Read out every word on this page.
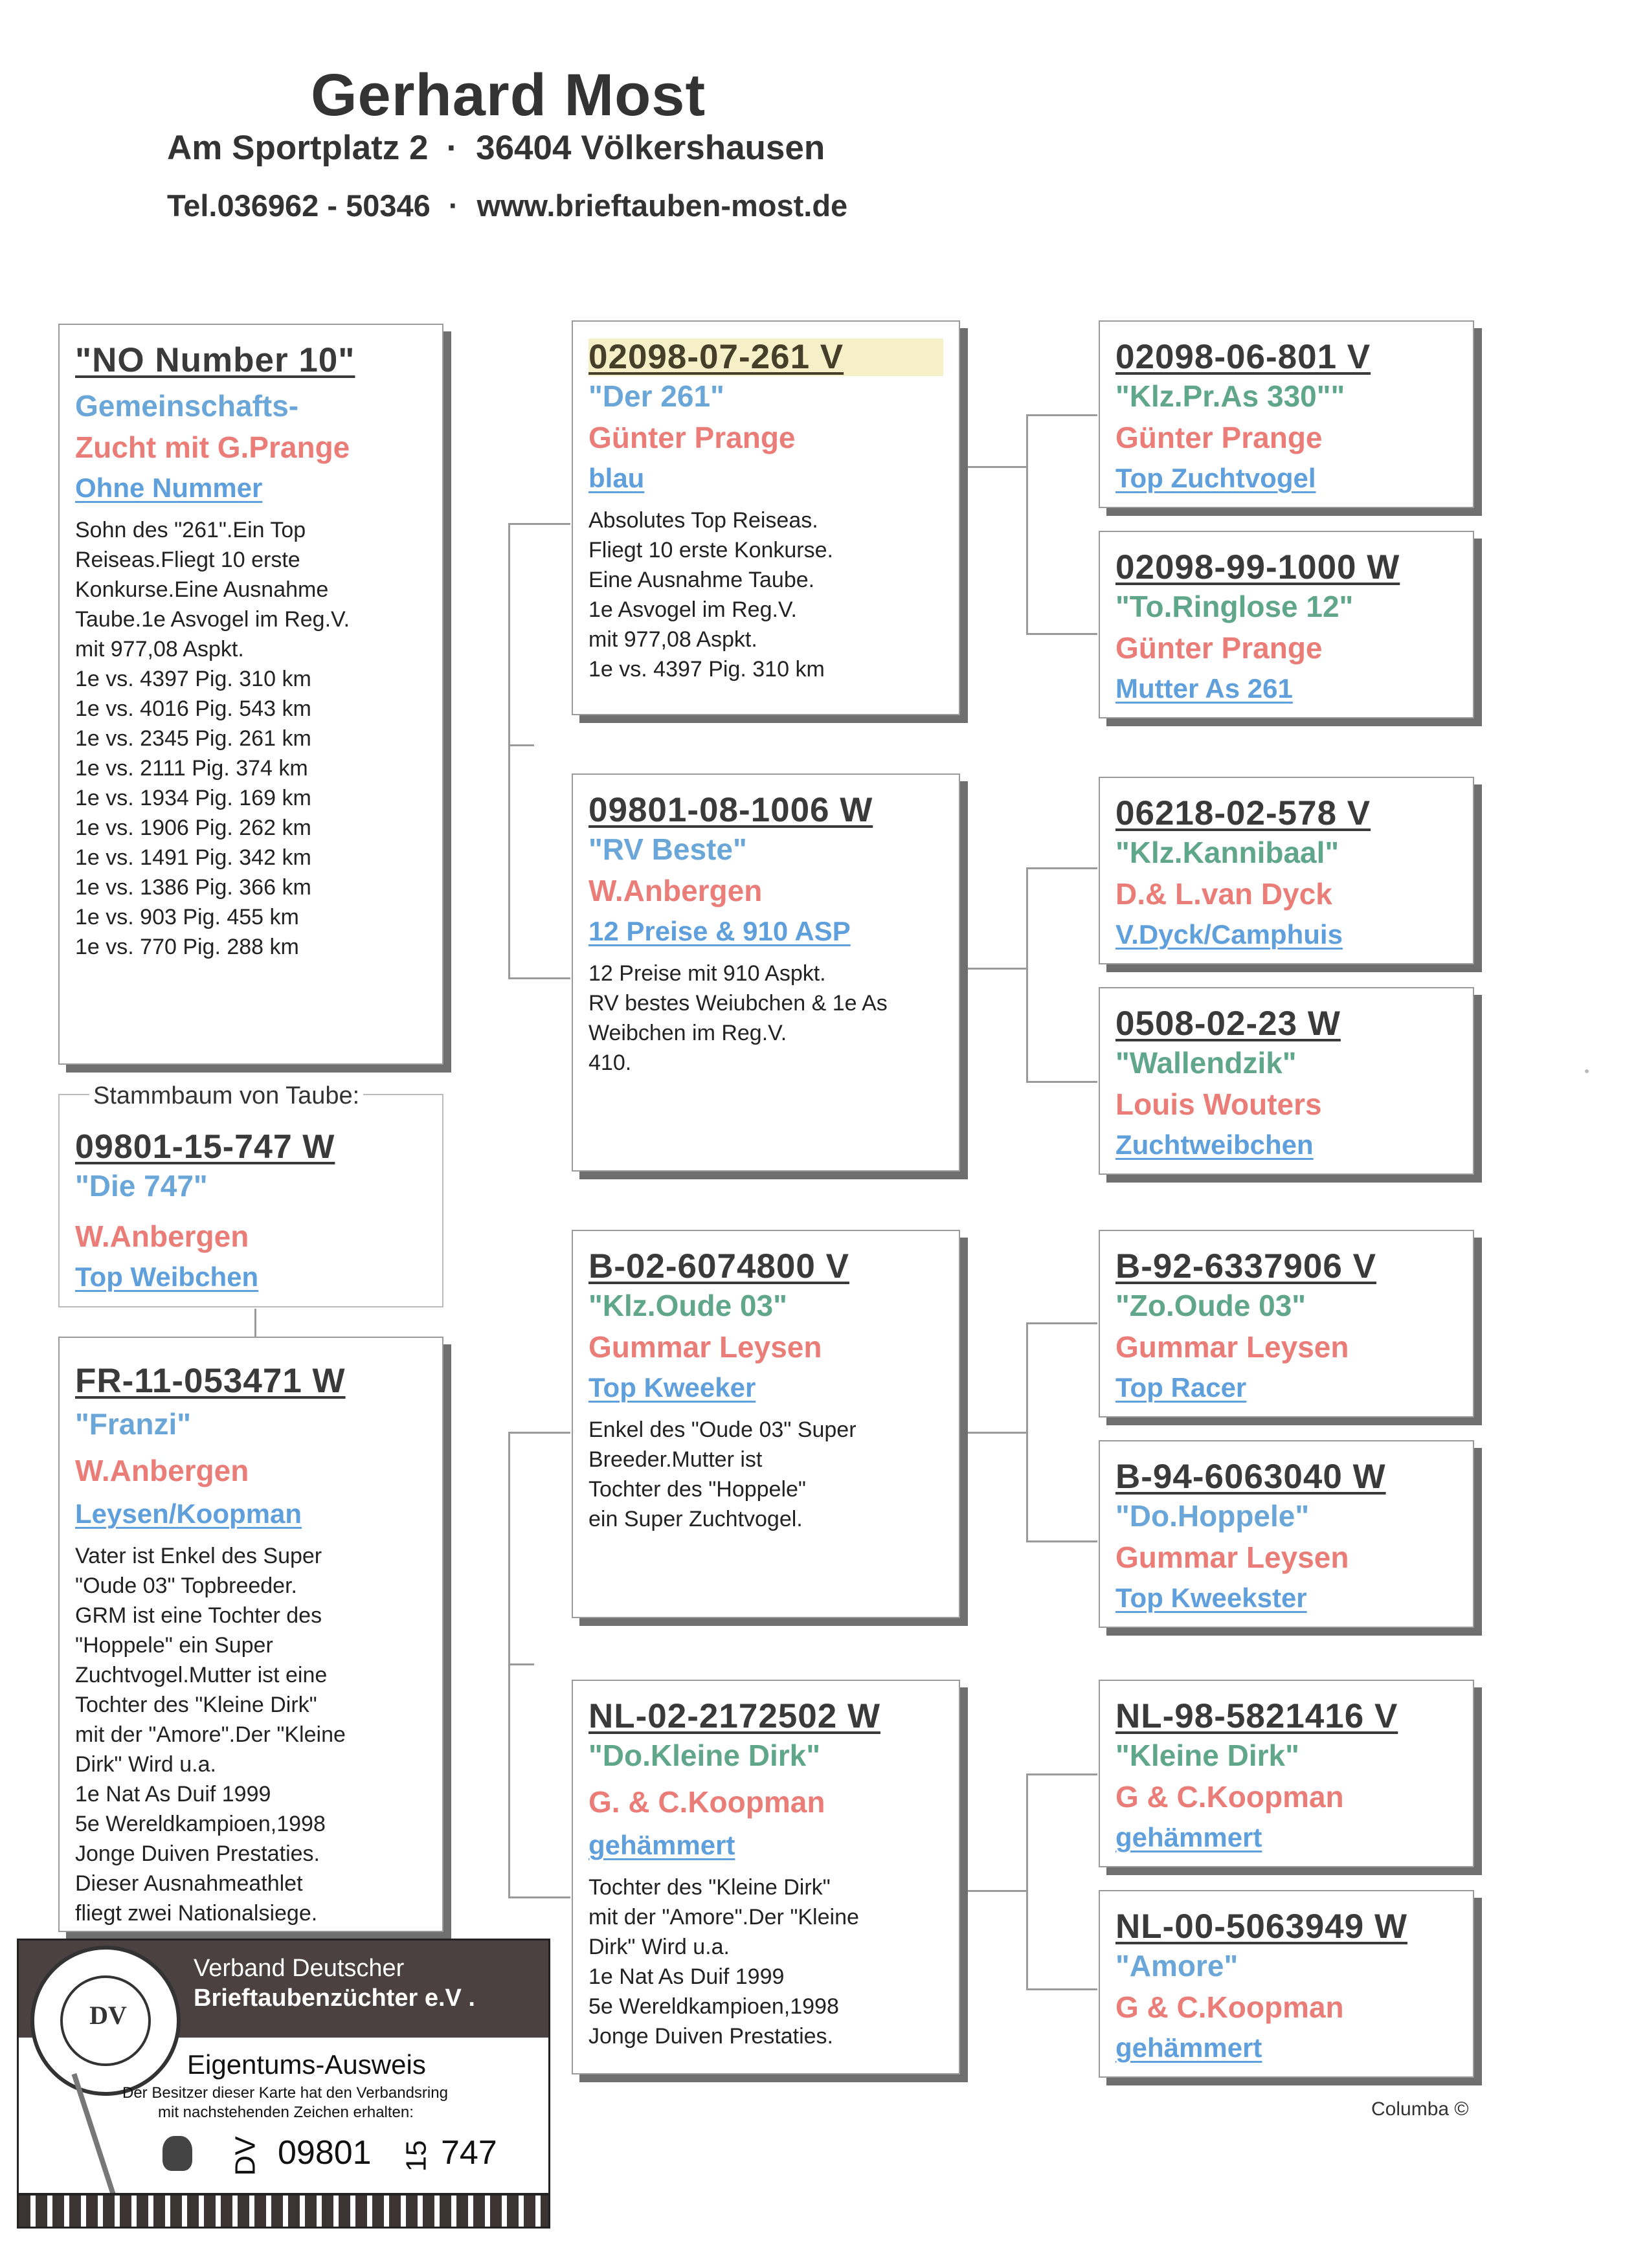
Gerhard Most
Am Sportplatz 2 · 36404 Völkershausen
Tel.036962 - 50346 · www.brieftauben-most.de
"NO Number 10"
Gemeinschafts-
Zucht mit G.Prange
Ohne Nummer
Sohn des "261".Ein Top
Reiseas.Fliegt 10 erste
Konkurse.Eine Ausnahme
Taube.1e Asvogel im Reg.V.
mit 977,08 Aspkt.
1e vs. 4397 Pig. 310 km
1e vs. 4016 Pig. 543 km
1e vs. 2345 Pig. 261 km
1e vs. 2111 Pig. 374 km
1e vs. 1934 Pig. 169 km
1e vs. 1906 Pig. 262 km
1e vs. 1491 Pig. 342 km
1e vs. 1386 Pig. 366 km
1e vs. 903 Pig. 455 km
1e vs. 770 Pig. 288 km
09801-15-747 W
"Die 747"
W.Anbergen
Top Weibchen
Stammbaum von Taube:
FR-11-053471 W
"Franzi"
W.Anbergen
Leysen/Koopman
Vater ist Enkel des Super
"Oude 03" Topbreeder.
GRM ist eine Tochter des
"Hoppele" ein Super
Zuchtvogel.Mutter ist eine
Tochter des "Kleine Dirk"
mit der "Amore".Der "Kleine
Dirk" Wird u.a.
1e Nat As Duif 1999
5e Wereldkampioen,1998
Jonge Duiven Prestaties.
Dieser Ausnahmeathlet
fliegt zwei Nationalsiege.
02098-07-261 V
"Der 261"
Günter Prange
blau
Absolutes Top Reiseas.
Fliegt 10 erste Konkurse.
Eine Ausnahme Taube.
1e Asvogel im Reg.V.
mit 977,08 Aspkt.
1e vs. 4397 Pig. 310 km
09801-08-1006 W
"RV Beste"
W.Anbergen
12 Preise & 910 ASP
12 Preise mit 910 Aspkt.
RV bestes Weiubchen & 1e As
Weibchen im Reg.V.
410.
B-02-6074800 V
"Klz.Oude 03"
Gummar Leysen
Top Kweeker
Enkel des "Oude 03" Super
Breeder.Mutter ist
Tochter des "Hoppele"
ein Super Zuchtvogel.
NL-02-2172502 W
"Do.Kleine Dirk"
G. & C.Koopman
gehämmert
Tochter des "Kleine Dirk"
mit der "Amore".Der "Kleine
Dirk" Wird u.a.
1e Nat As Duif 1999
5e Wereldkampioen,1998
Jonge Duiven Prestaties.
02098-06-801 V
"Klz.Pr.As 330""
Günter Prange
Top Zuchtvogel
02098-99-1000 W
"To.Ringlose 12"
Günter Prange
Mutter As 261
06218-02-578 V
"Klz.Kannibaal"
D.& L.van Dyck
V.Dyck/Camphuis
0508-02-23 W
"Wallendzik"
Louis Wouters
Zuchtweibchen
B-92-6337906 V
"Zo.Oude 03"
Gummar Leysen
Top Racer
B-94-6063040 W
"Do.Hoppele"
Gummar Leysen
Top Kweekster
NL-98-5821416 V
"Kleine Dirk"
G & C.Koopman
gehämmert
NL-00-5063949 W
"Amore"
G & C.Koopman
gehämmert
Verband Deutscher
Brieftaubenzüchter e.V .
DV
Eigentums-Ausweis
Der Besitzer dieser Karte hat den Verbandsring
mit nachstehenden Zeichen erhalten:
DV 09801 15 747
Columba ©
